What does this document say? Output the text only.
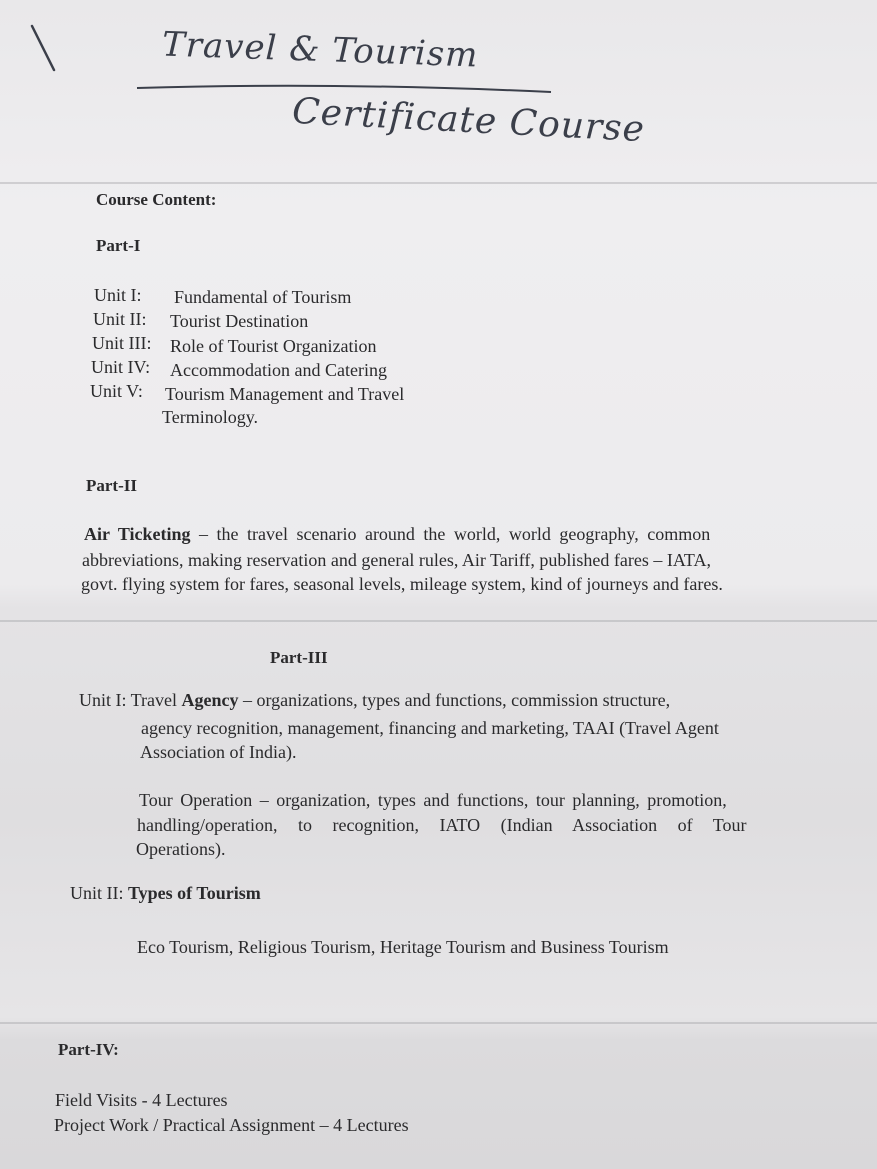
Travel & Tourism
Certificate Course
Course Content:
Part-I
Unit I: Fundamental of Tourism
Unit II: Tourist Destination
Unit III: Role of Tourist Organization
Unit IV: Accommodation and Catering
Unit V: Tourism Management and Travel
Terminology.
Part-II
Air Ticketing – the travel scenario around the world, world geography, common
abbreviations, making reservation and general rules, Air Tariff, published fares – IATA,
govt. flying system for fares, seasonal levels, mileage system, kind of journeys and fares.
Part-III
Unit I: Travel Agency – organizations, types and functions, commission structure,
agency recognition, management, financing and marketing, TAAI (Travel Agent
Association of India).
Tour Operation – organization, types and functions, tour planning, promotion,
handling/operation, to recognition, IATO (Indian Association of Tour
Operations).
Unit II: Types of Tourism
Eco Tourism, Religious Tourism, Heritage Tourism and Business Tourism
Part-IV:
Field Visits - 4 Lectures
Project Work / Practical Assignment – 4 Lectures
